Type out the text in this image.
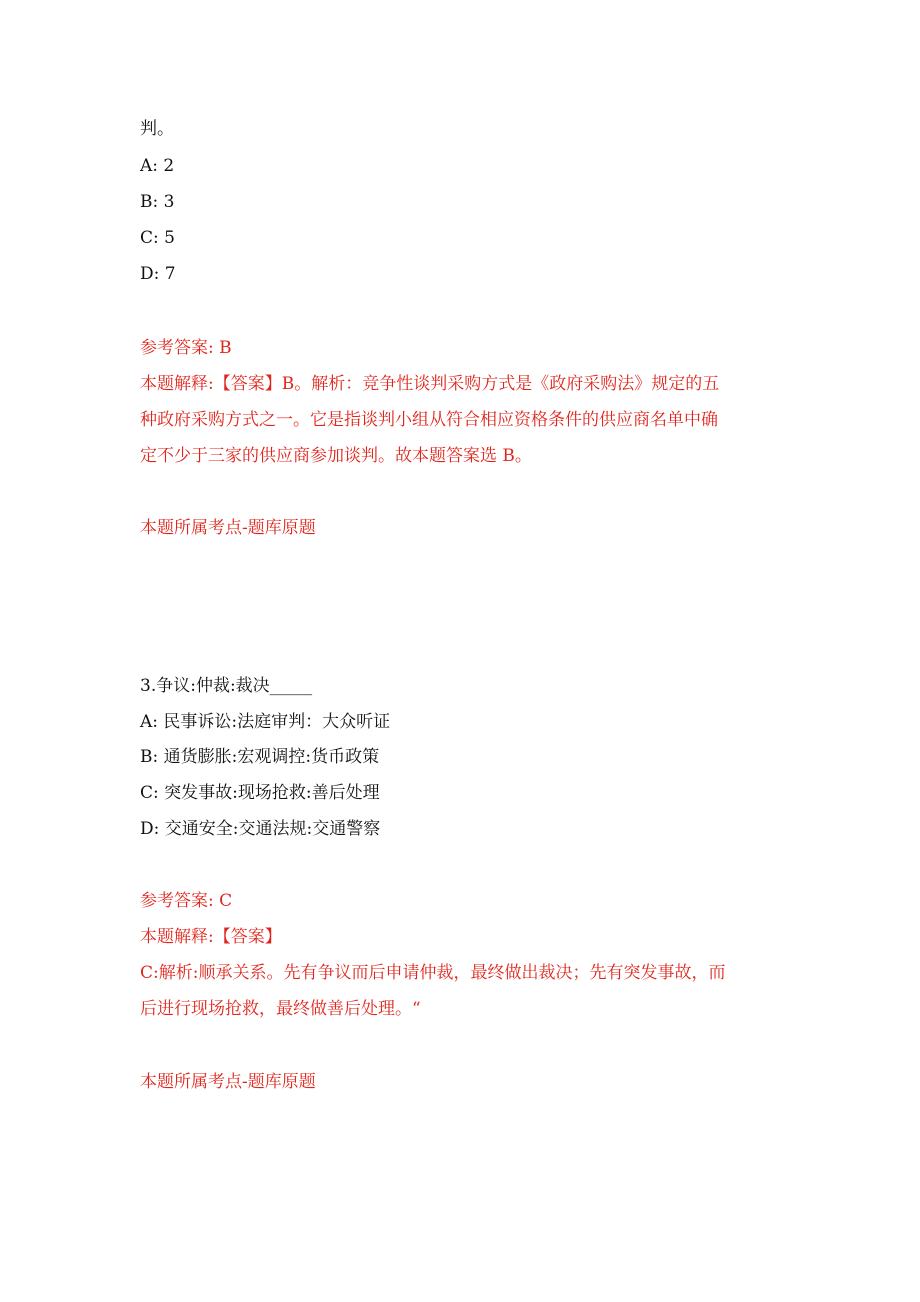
判。
A: 2
B: 3
C: 5
D: 7
参考答案: B
本题解释:【答案】B。解析：竞争性谈判采购方式是《政府采购法》规定的五
种政府采购方式之一。它是指谈判小组从符合相应资格条件的供应商名单中确
定不少于三家的供应商参加谈判。故本题答案选 B。
本题所属考点-题库原题
3.争议:仲裁:裁决_____
A: 民事诉讼:法庭审判：大众听证
B: 通货膨胀:宏观调控:货币政策
C: 突发事故:现场抢救:善后处理
D: 交通安全:交通法规:交通警察
参考答案: C
本题解释:【答案】
C:解析:顺承关系。先有争议而后申请仲裁，最终做出裁决；先有突发事故，而
后进行现场抢救，最终做善后处理。“
本题所属考点-题库原题
